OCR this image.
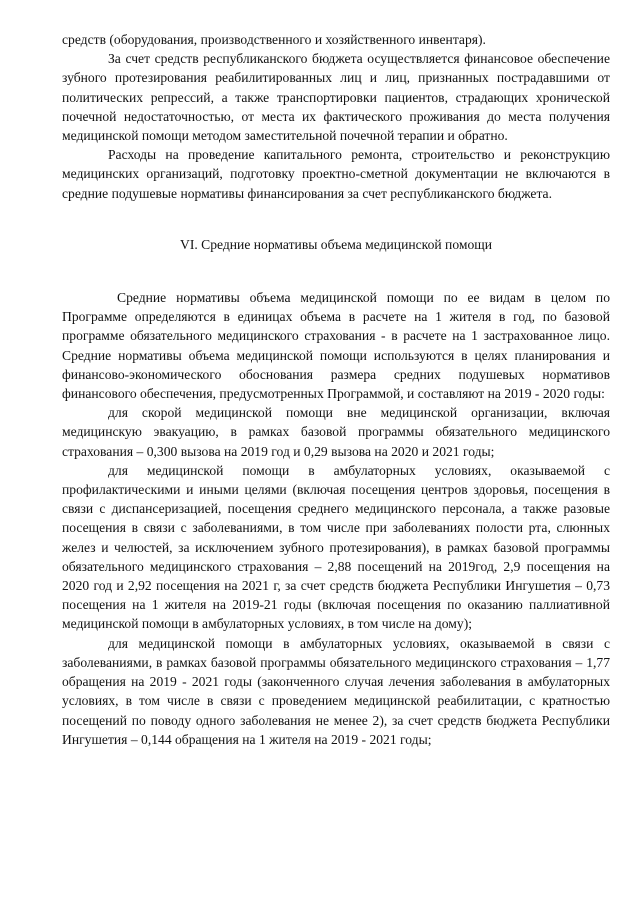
средств (оборудования, производственного и хозяйственного инвентаря).

За счет средств республиканского бюджета осуществляется финансовое обеспечение зубного протезирования реабилитированных лиц и лиц, признанных пострадавшими от политических репрессий, а также транспортировки пациентов, страдающих хронической почечной недостаточностью, от места их фактического проживания до места получения медицинской помощи методом заместительной почечной терапии и обратно.

Расходы на проведение капитального ремонта, строительство и реконструкцию медицинских организаций, подготовку проектно-сметной документации не включаются в средние подушевые нормативы финансирования за счет республиканского бюджета.

VI. Средние нормативы объема медицинской помощи

Средние нормативы объема медицинской помощи по ее видам в целом по Программе определяются в единицах объема в расчете на 1 жителя в год, по базовой программе обязательного медицинского страхования - в расчете на 1 застрахованное лицо. Средние нормативы объема медицинской помощи используются в целях планирования и финансово-экономического обоснования размера средних подушевых нормативов финансового обеспечения, предусмотренных Программой, и составляют на 2019 - 2020 годы:

для скорой медицинской помощи вне медицинской организации, включая медицинскую эвакуацию, в рамках базовой программы обязательного медицинского страхования – 0,300 вызова на 2019 год и 0,29 вызова на 2020 и 2021 годы;

для медицинской помощи в амбулаторных условиях, оказываемой с профилактическими и иными целями (включая посещения центров здоровья, посещения в связи с диспансеризацией, посещения среднего медицинского персонала, а также разовые посещения в связи с заболеваниями, в том числе при заболеваниях полости рта, слюнных желез и челюстей, за исключением зубного протезирования), в рамках базовой программы обязательного медицинского страхования – 2,88 посещений на 2019год, 2,9 посещения на 2020 год и 2,92 посещения на 2021 г, за счет средств бюджета Республики Ингушетия – 0,73 посещения на 1 жителя на 2019-21 годы (включая посещения по оказанию паллиативной медицинской помощи в амбулаторных условиях, в том числе на дому);

для медицинской помощи в амбулаторных условиях, оказываемой в связи с заболеваниями, в рамках базовой программы обязательного медицинского страхования – 1,77 обращения на 2019 - 2021 годы (законченного случая лечения заболевания в амбулаторных условиях, в том числе в связи с проведением медицинской реабилитации, с кратностью посещений по поводу одного заболевания не менее 2), за счет средств бюджета Республики Ингушетия – 0,144 обращения на 1 жителя на 2019 - 2021 годы;
